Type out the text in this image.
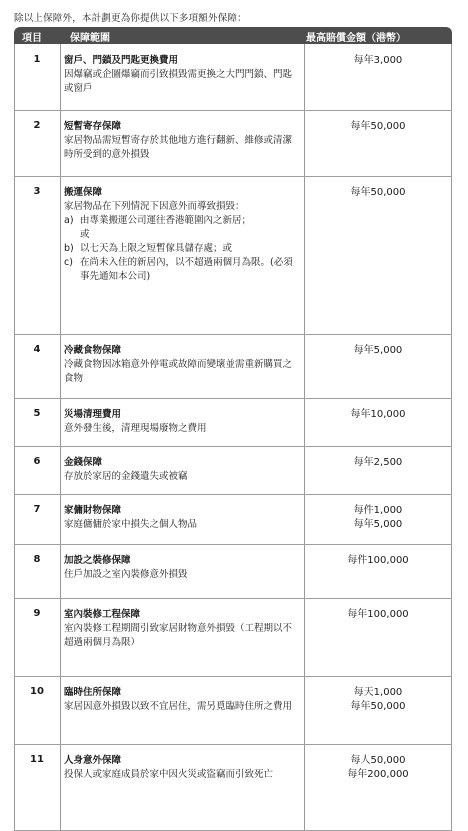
除以上保障外，本計劃更為你提供以下多項額外保障：
項目	保障範圍	最高賠償金額（港幣）
1	窗戶、門鎖及門匙更換費用
因爆竊或企圖爆竊而引致損毀需更換之大門門鎖、門匙或窗戶
每年3,000
2	短暫寄存保障
家居物品需短暫寄存於其他地方進行翻新、維修或清潔時所受到的意外損毀
每年50,000
3	搬運保障
家居物品在下列情況下因意外而導致損毀：
a) 由專業搬運公司運往香港範圍內之新居；
或
b) 以七天為上限之短暫傢具儲存處；或
c) 在尚未入住的新居內，以不超過兩個月為限。(必須事先通知本公司)
每年50,000
4	冷藏食物保障
冷藏食物因冰箱意外停電或故障而變壞並需重新購買之食物
每年5,000
5	災場清理費用
意外發生後，清理現場廢物之費用
每年10,000
6	金錢保障
存放於家居的金錢遺失或被竊
每年2,500
7	家傭財物保障
家庭傭傭於家中損失之個人物品
每件1,000
每年5,000
8	加設之裝修保障
住戶加設之室內裝修意外損毀
每件100,000
9	室內裝修工程保障
室內裝修工程期間引致家居財物意外損毀（工程期以不超過兩個月為限）
每年100,000
10	臨時住所保障
家居因意外損毀以致不宜居住，需另覓臨時住所之費用
每天1,000
每年50,000
11	人身意外保障
投保人或家庭成員於家中因火災或盜竊而引致死亡
每人50,000
每年200,000
